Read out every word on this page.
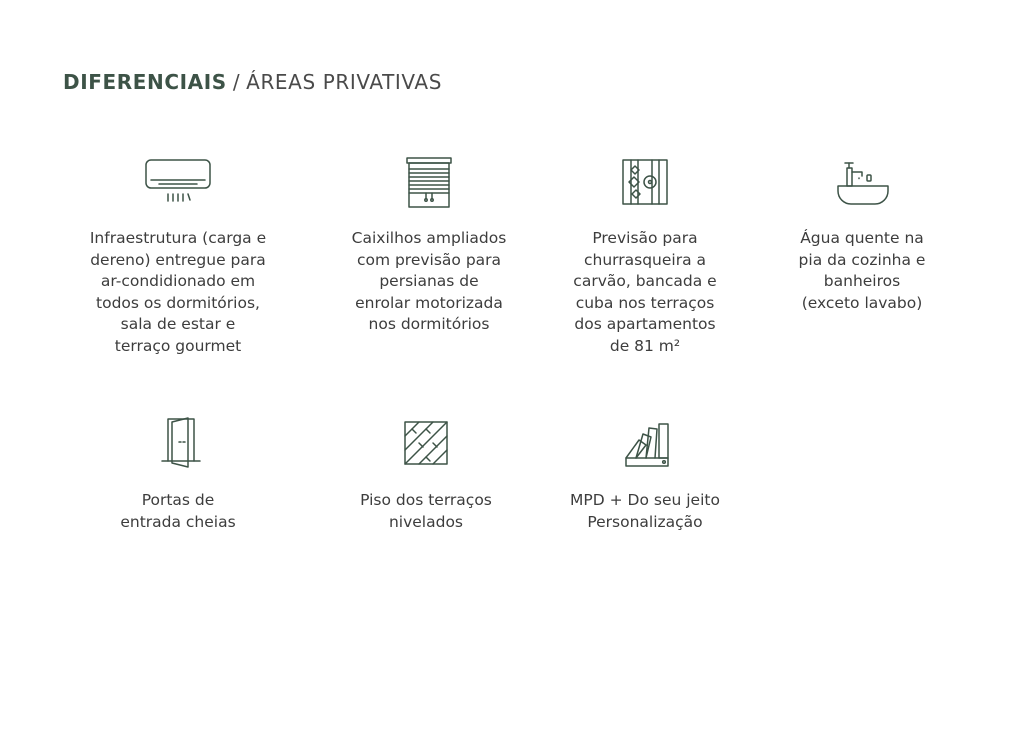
DIFERENCIAIS / ÁREAS PRIVATIVAS
Infraestrutura (carga e
dereno) entregue para
ar-condidionado em
todos os dormitórios,
sala de estar e
terraço gourmet
Caixilhos ampliados
com previsão para
persianas de
enrolar motorizada
nos dormitórios
Previsão para
churrasqueira a
carvão, bancada e
cuba nos terraços
dos apartamentos
de 81 m²
Água quente na
pia da cozinha e
banheiros
(exceto lavabo)
Portas de
entrada cheias
Piso dos terraços
nivelados
MPD + Do seu jeito
Personalização
